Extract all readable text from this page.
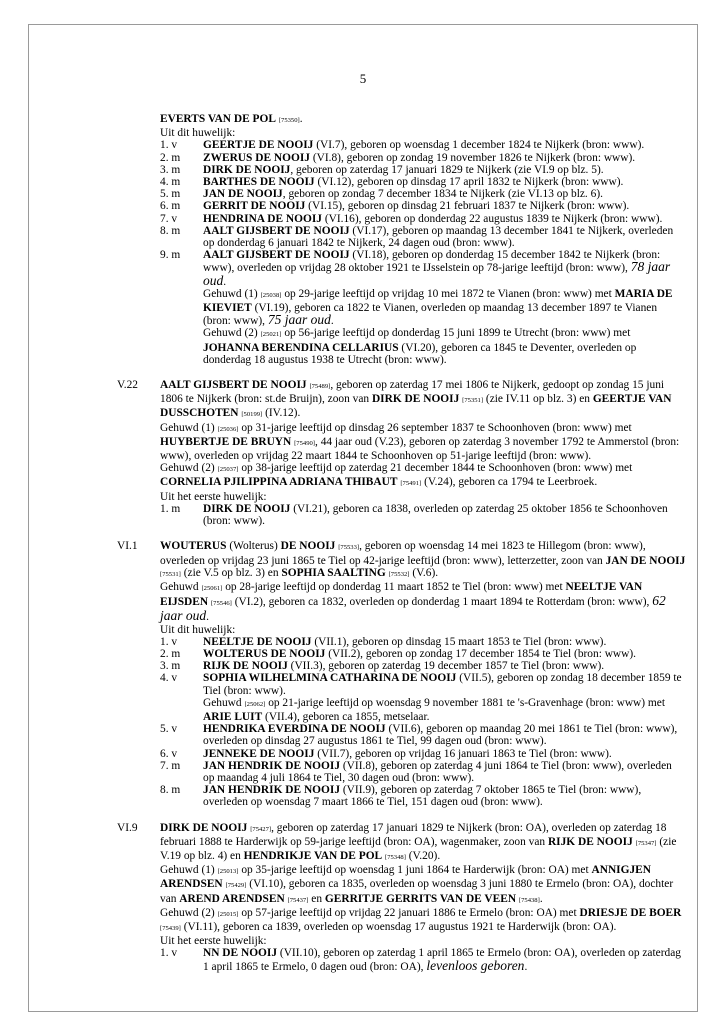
5
EVERTS VAN DE POL [75350].
Uit dit huwelijk:
1. v GEERTJE DE NOOIJ (VI.7), geboren op woensdag 1 december 1824 te Nijkerk (bron: www).
2. m ZWERUS DE NOOIJ (VI.8), geboren op zondag 19 november 1826 te Nijkerk (bron: www).
3. m DIRK DE NOOIJ, geboren op zaterdag 17 januari 1829 te Nijkerk (zie VI.9 op blz. 5).
4. m BARTHES DE NOOIJ (VI.12), geboren op dinsdag 17 april 1832 te Nijkerk (bron: www).
5. m JAN DE NOOIJ, geboren op zondag 7 december 1834 te Nijkerk (zie VI.13 op blz. 6).
6. m GERRIT DE NOOIJ (VI.15), geboren op dinsdag 21 februari 1837 te Nijkerk (bron: www).
7. v HENDRINA DE NOOIJ (VI.16), geboren op donderdag 22 augustus 1839 te Nijkerk (bron: www).
8. m AALT GIJSBERT DE NOOIJ (VI.17), geboren op maandag 13 december 1841 te Nijkerk, overleden
op donderdag 6 januari 1842 te Nijkerk, 24 dagen oud (bron: www).
9. m AALT GIJSBERT DE NOOIJ (VI.18), geboren op donderdag 15 december 1842 te Nijkerk (bron:
www), overleden op vrijdag 28 oktober 1921 te IJsselstein op 78-jarige leeftijd (bron: www), 78 jaar
oud.
Gehuwd (1) [25038] op 29-jarige leeftijd op vrijdag 10 mei 1872 te Vianen (bron: www) met MARIA DE
KIEVIET (VI.19), geboren ca 1822 te Vianen, overleden op maandag 13 december 1897 te Vianen
(bron: www), 75 jaar oud.
Gehuwd (2) [25021] op 56-jarige leeftijd op donderdag 15 juni 1899 te Utrecht (bron: www) met
JOHANNA BERENDINA CELLARIUS (VI.20), geboren ca 1845 te Deventer, overleden op
donderdag 18 augustus 1938 te Utrecht (bron: www).
V.22 AALT GIJSBERT DE NOOIJ [75489], geboren op zaterdag 17 mei 1806 te Nijkerk, gedoopt op zondag 15 juni
1806 te Nijkerk (bron: st.de Bruijn), zoon van DIRK DE NOOIJ [75351] (zie IV.11 op blz. 3) en GEERTJE VAN
DUSSCHOTEN [50199] (IV.12).
Gehuwd (1) [25036] op 31-jarige leeftijd op dinsdag 26 september 1837 te Schoonhoven (bron: www) met
HUYBERTJE DE BRUYN [75490], 44 jaar oud (V.23), geboren op zaterdag 3 november 1792 te Ammerstol (bron:
www), overleden op vrijdag 22 maart 1844 te Schoonhoven op 51-jarige leeftijd (bron: www).
Gehuwd (2) [25037] op 38-jarige leeftijd op zaterdag 21 december 1844 te Schoonhoven (bron: www) met
CORNELIA PJILIPPINA ADRIANA THIBAUT [75491] (V.24), geboren ca 1794 te Leerbroek.
Uit het eerste huwelijk:
1. m DIRK DE NOOIJ (VI.21), geboren ca 1838, overleden op zaterdag 25 oktober 1856 te Schoonhoven
(bron: www).
VI.1 WOUTERUS (Wolterus) DE NOOIJ [75533], geboren op woensdag 14 mei 1823 te Hillegom (bron: www),
overleden op vrijdag 23 juni 1865 te Tiel op 42-jarige leeftijd (bron: www), letterzetter, zoon van JAN DE NOOIJ
[75531] (zie V.5 op blz. 3) en SOPHIA SAALTING [75532] (V.6).
Gehuwd [25061] op 28-jarige leeftijd op donderdag 11 maart 1852 te Tiel (bron: www) met NEELTJE VAN
EIJSDEN [75546] (VI.2), geboren ca 1832, overleden op donderdag 1 maart 1894 te Rotterdam (bron: www), 62
jaar oud.
Uit dit huwelijk:
1. v NEELTJE DE NOOIJ (VII.1), geboren op dinsdag 15 maart 1853 te Tiel (bron: www).
2. m WOLTERUS DE NOOIJ (VII.2), geboren op zondag 17 december 1854 te Tiel (bron: www).
3. m RIJK DE NOOIJ (VII.3), geboren op zaterdag 19 december 1857 te Tiel (bron: www).
4. v SOPHIA WILHELMINA CATHARINA DE NOOIJ (VII.5), geboren op zondag 18 december 1859 te
Tiel (bron: www).
Gehuwd [25062] op 21-jarige leeftijd op woensdag 9 november 1881 te 's-Gravenhage (bron: www) met
ARIE LUIT (VII.4), geboren ca 1855, metselaar.
5. v HENDRIKA EVERDINA DE NOOIJ (VII.6), geboren op maandag 20 mei 1861 te Tiel (bron: www),
overleden op dinsdag 27 augustus 1861 te Tiel, 99 dagen oud (bron: www).
6. v JENNEKE DE NOOIJ (VII.7), geboren op vrijdag 16 januari 1863 te Tiel (bron: www).
7. m JAN HENDRIK DE NOOIJ (VII.8), geboren op zaterdag 4 juni 1864 te Tiel (bron: www), overleden
op maandag 4 juli 1864 te Tiel, 30 dagen oud (bron: www).
8. m JAN HENDRIK DE NOOIJ (VII.9), geboren op zaterdag 7 oktober 1865 te Tiel (bron: www),
overleden op woensdag 7 maart 1866 te Tiel, 151 dagen oud (bron: www).
VI.9 DIRK DE NOOIJ [75427], geboren op zaterdag 17 januari 1829 te Nijkerk (bron: OA), overleden op zaterdag 18
februari 1888 te Harderwijk op 59-jarige leeftijd (bron: OA), wagenmaker, zoon van RIJK DE NOOIJ [75347] (zie
V.19 op blz. 4) en HENDRIKJE VAN DE POL [75348] (V.20).
Gehuwd (1) [25013] op 35-jarige leeftijd op woensdag 1 juni 1864 te Harderwijk (bron: OA) met ANNIGJEN
ARENDSEN [75429] (VI.10), geboren ca 1835, overleden op woensdag 3 juni 1880 te Ermelo (bron: OA), dochter
van AREND ARENDSEN [75437] en GERRITJE GERRITS VAN DE VEEN [75438].
Gehuwd (2) [25015] op 57-jarige leeftijd op vrijdag 22 januari 1886 te Ermelo (bron: OA) met DRIESJE DE BOER
[75439] (VI.11), geboren ca 1839, overleden op woensdag 17 augustus 1921 te Harderwijk (bron: OA).
Uit het eerste huwelijk:
1. v NN DE NOOIJ (VII.10), geboren op zaterdag 1 april 1865 te Ermelo (bron: OA), overleden op zaterdag
1 april 1865 te Ermelo, 0 dagen oud (bron: OA), levenloos geboren.
